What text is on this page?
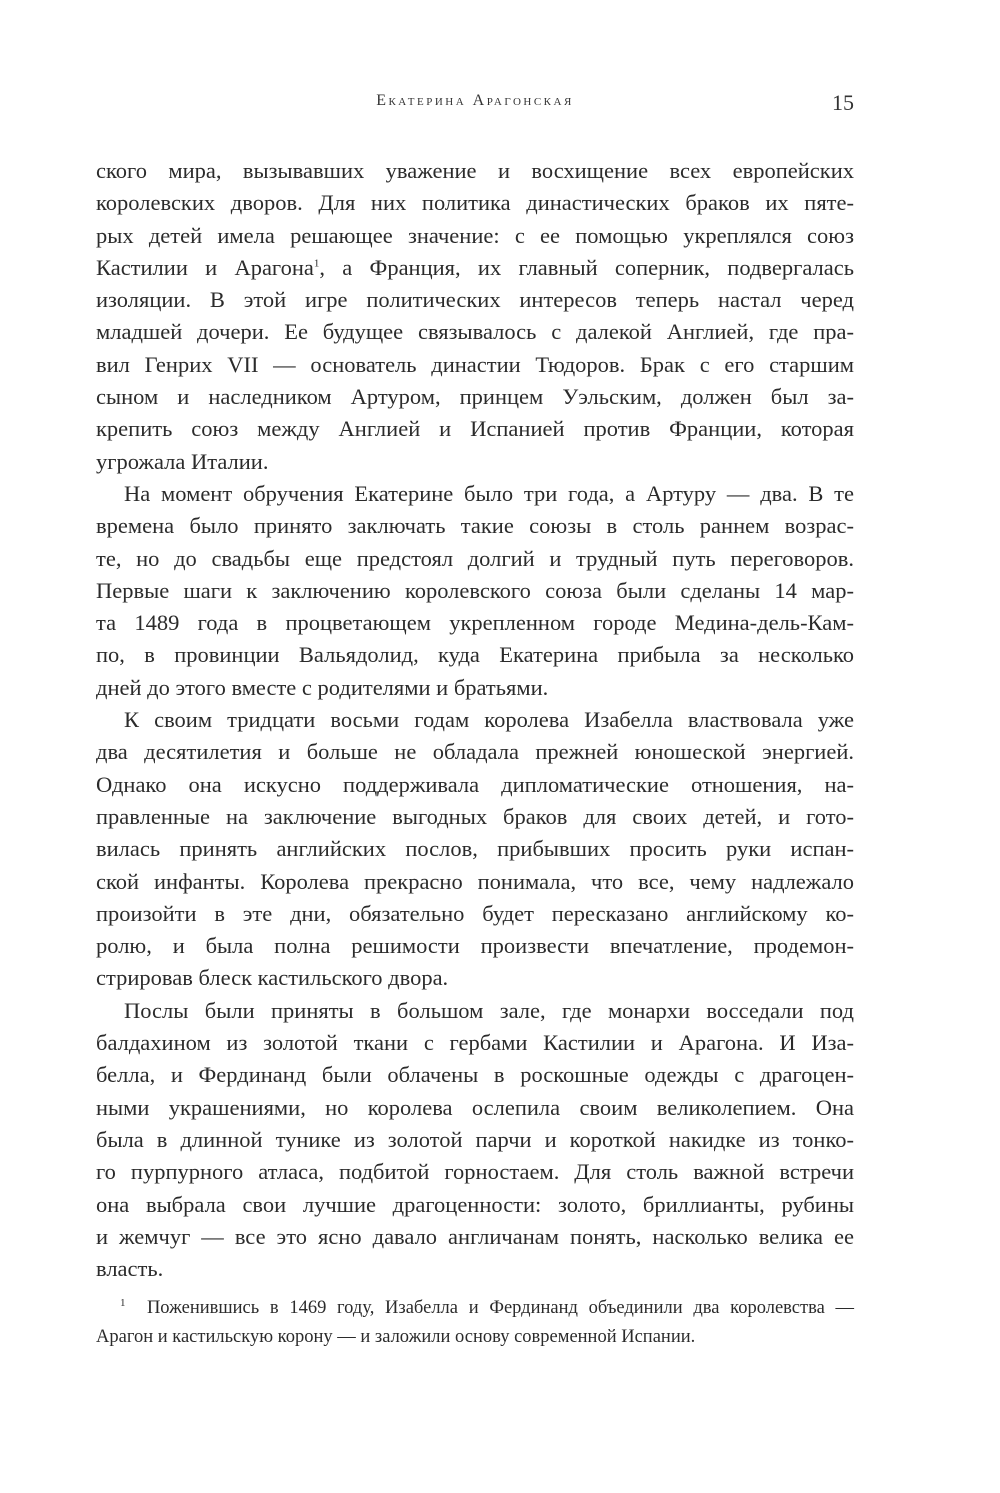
Екатерина Арагонская	15
ского мира, вызывавших уважение и восхищение всех европейских
королевских дворов. Для них политика династических браков их пяте-
рых детей имела решающее значение: с ее помощью укреплялся союз
Кастилии и Арагона$^1$, а Франция, их главный соперник, подвергалась
изоляции. В этой игре политических интересов теперь настал черед
младшей дочери. Ее будущее связывалось с далекой Англией, где пра-
вил Генрих VII — основатель династии Тюдоров. Брак с его старшим
сыном и наследником Артуром, принцем Уэльским, должен был за-
крепить союз между Англией и Испанией против Франции, которая
угрожала Италии.
На момент обручения Екатерине было три года, а Артуру — два. В те
времена было принято заключать такие союзы в столь раннем возрас-
те, но до свадьбы еще предстоял долгий и трудный путь переговоров.
Первые шаги к заключению королевского союза были сделаны 14 мар-
та 1489 года в процветающем укрепленном городе Медина-дель-Кам-
по, в провинции Вальядолид, куда Екатерина прибыла за несколько
дней до этого вместе с родителями и братьями.
К своим тридцати восьми годам королева Изабелла властвовала уже
два десятилетия и больше не обладала прежней юношеской энергией.
Однако она искусно поддерживала дипломатические отношения, на-
правленные на заключение выгодных браков для своих детей, и гото-
вилась принять английских послов, прибывших просить руки испан-
ской инфанты. Королева прекрасно понимала, что все, чему надлежало
произойти в эте дни, обязательно будет пересказано английскому ко-
ролю, и была полна решимости произвести впечатление, продемон-
стрировав блеск кастильского двора.
Послы были приняты в большом зале, где монархи восседали под
балдахином из золотой ткани с гербами Кастилии и Арагона. И Иза-
белла, и Фердинанд были облачены в роскошные одежды с драгоцен-
ными украшениями, но королева ослепила своим великолепием. Она
была в длинной тунике из золотой парчи и короткой накидке из тонко-
го пурпурного атласа, подбитой горностаем. Для столь важной встречи
она выбрала свои лучшие драгоценности: золото, бриллианты, рубины
и жемчуг — все это ясно давало англичанам понять, насколько велика ее
власть.
$^1$ Поженившись в 1469 году, Изабелла и Фердинанд объединили два королевства —
Арагон и кастильскую корону — и заложили основу современной Испании.
